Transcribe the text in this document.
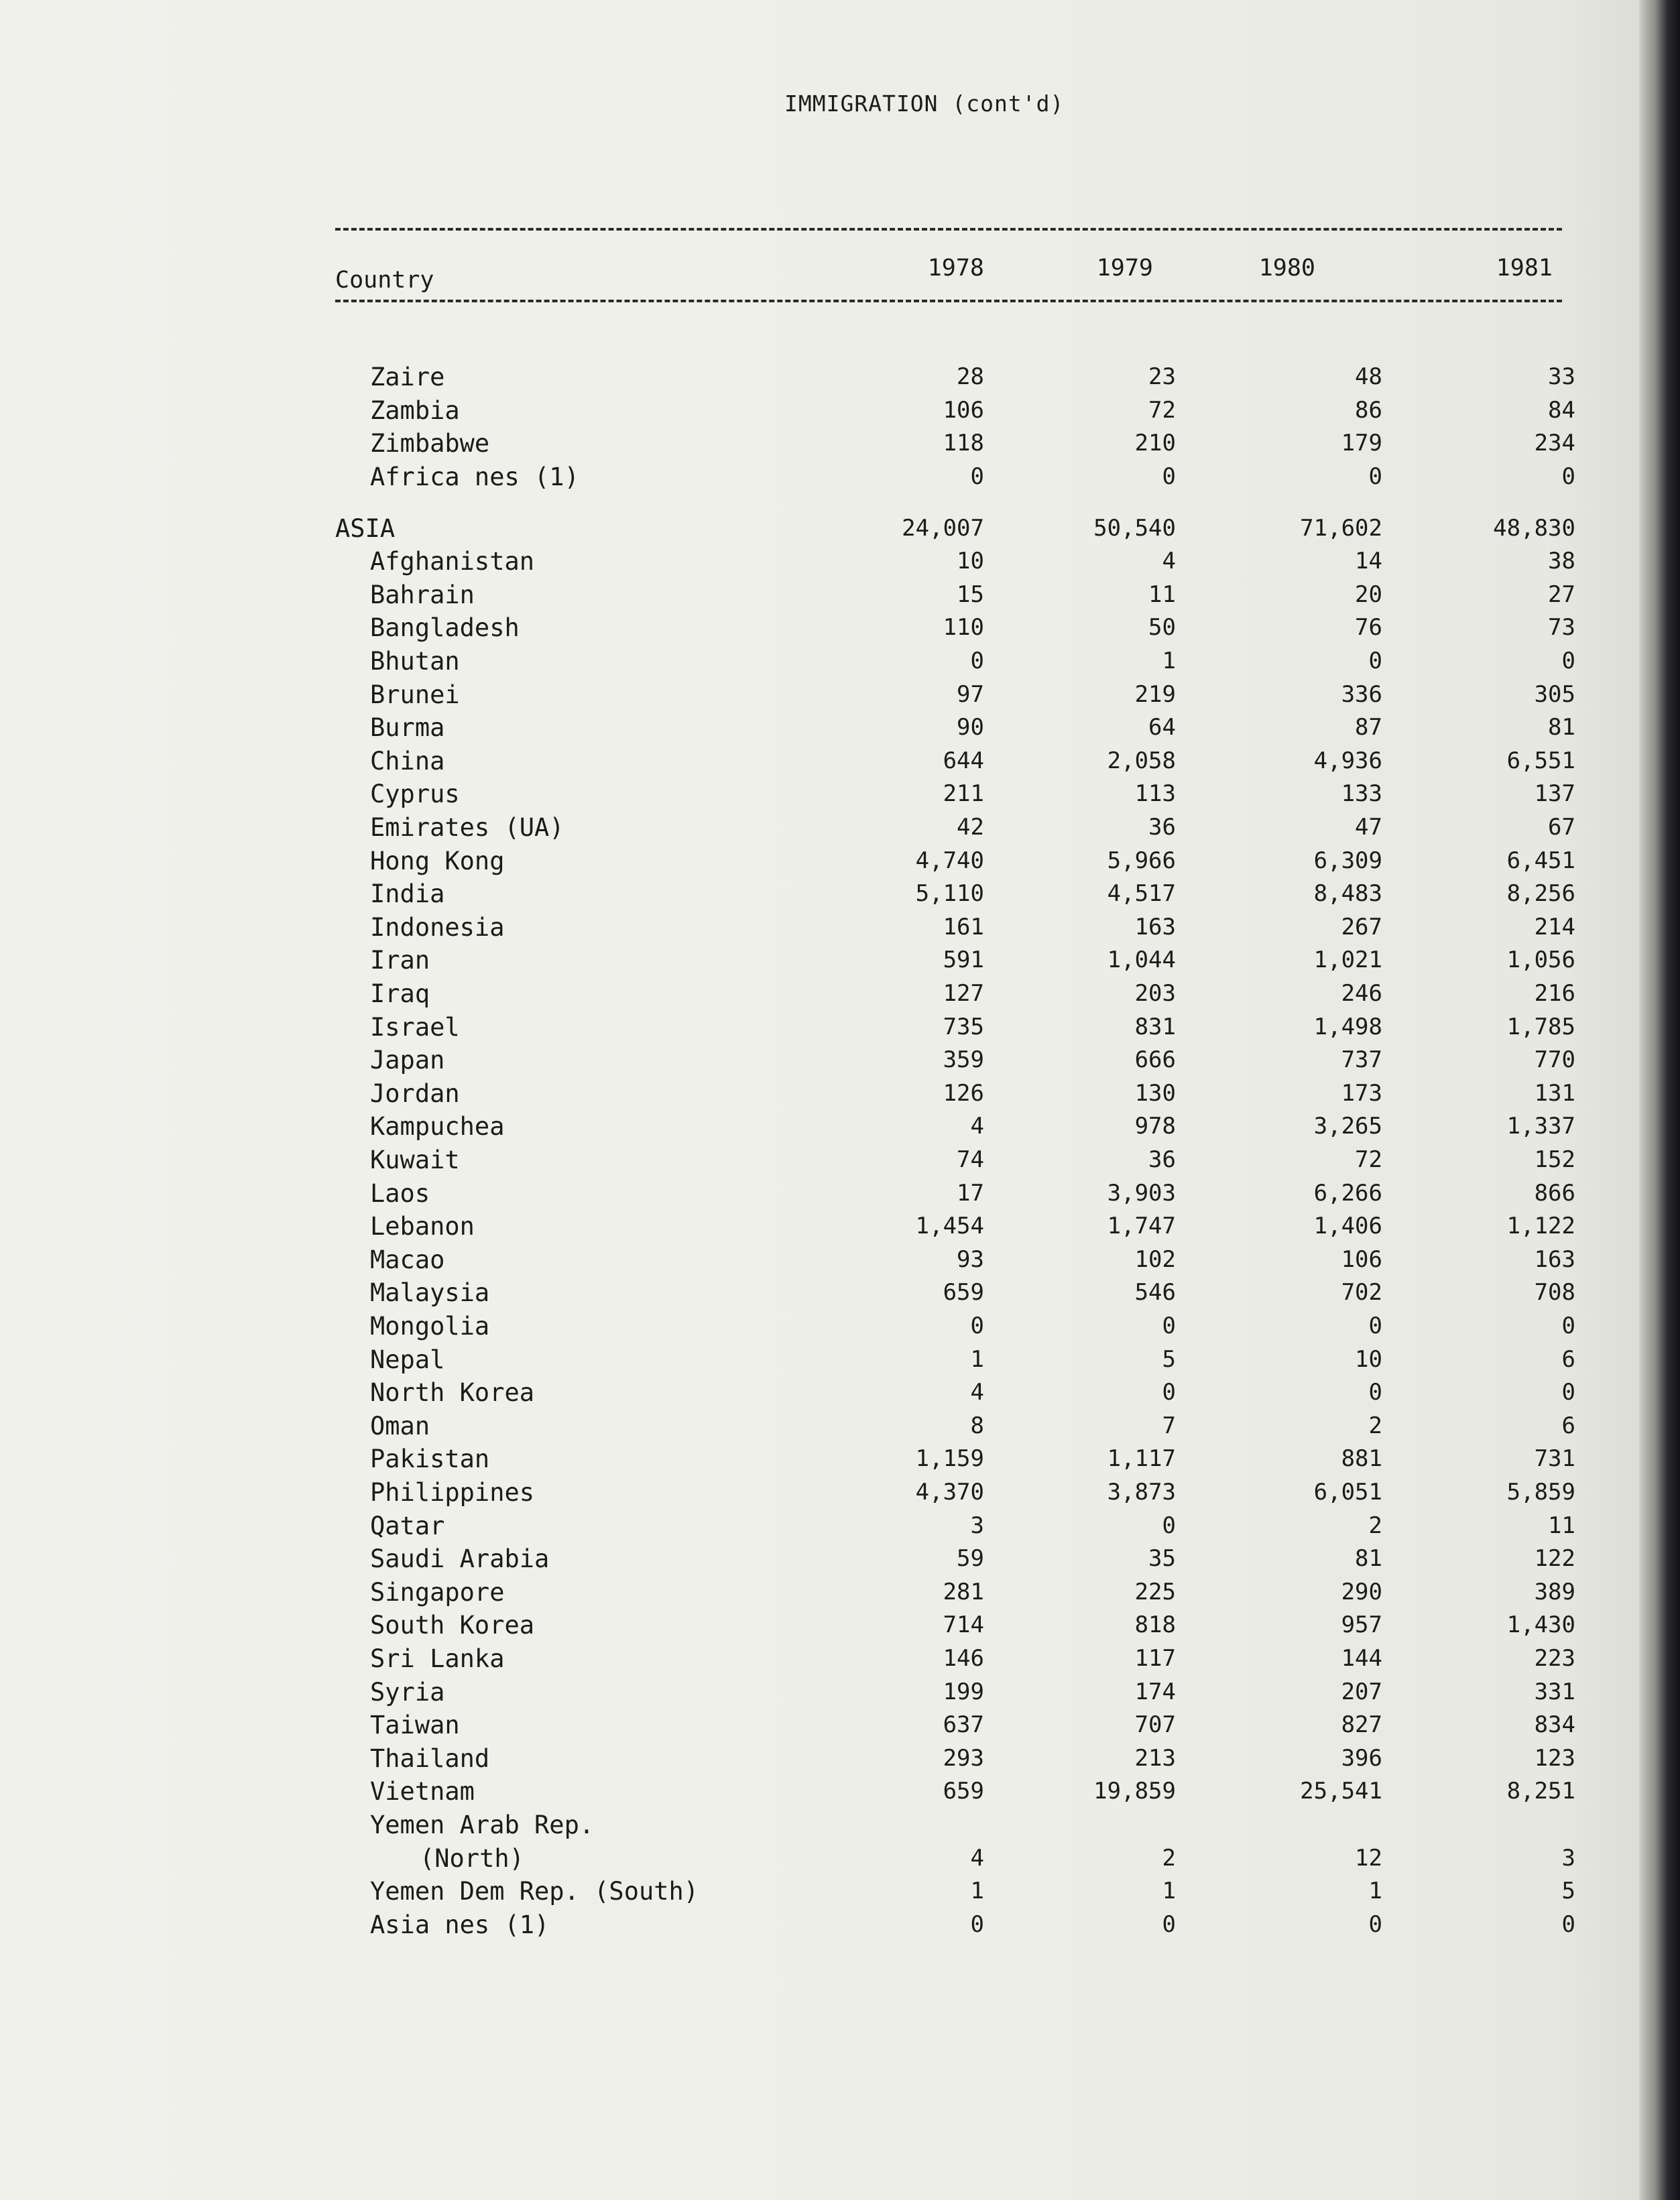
IMMIGRATION (cont'd)
Country	1978	1979	1980	1981
Zaire	28	23	48	33
Zambia	106	72	86	84
Zimbabwe	118	210	179	234
Africa nes (1)	0	0	0	0
ASIA	24,007	50,540	71,602	48,830
Afghanistan	10	4	14	38
Bahrain	15	11	20	27
Bangladesh	110	50	76	73
Bhutan	0	1	0	0
Brunei	97	219	336	305
Burma	90	64	87	81
China	644	2,058	4,936	6,551
Cyprus	211	113	133	137
Emirates (UA)	42	36	47	67
Hong Kong	4,740	5,966	6,309	6,451
India	5,110	4,517	8,483	8,256
Indonesia	161	163	267	214
Iran	591	1,044	1,021	1,056
Iraq	127	203	246	216
Israel	735	831	1,498	1,785
Japan	359	666	737	770
Jordan	126	130	173	131
Kampuchea	4	978	3,265	1,337
Kuwait	74	36	72	152
Laos	17	3,903	6,266	866
Lebanon	1,454	1,747	1,406	1,122
Macao	93	102	106	163
Malaysia	659	546	702	708
Mongolia	0	0	0	0
Nepal	1	5	10	6
North Korea	4	0	0	0
Oman	8	7	2	6
Pakistan	1,159	1,117	881	731
Philippines	4,370	3,873	6,051	5,859
Qatar	3	0	2	11
Saudi Arabia	59	35	81	122
Singapore	281	225	290	389
South Korea	714	818	957	1,430
Sri Lanka	146	117	144	223
Syria	199	174	207	331
Taiwan	637	707	827	834
Thailand	293	213	396	123
Vietnam	659	19,859	25,541	8,251
Yemen Arab Rep.
(North)	4	2	12	3
Yemen Dem Rep. (South)	1	1	1	5
Asia nes (1)	0	0	0	0
